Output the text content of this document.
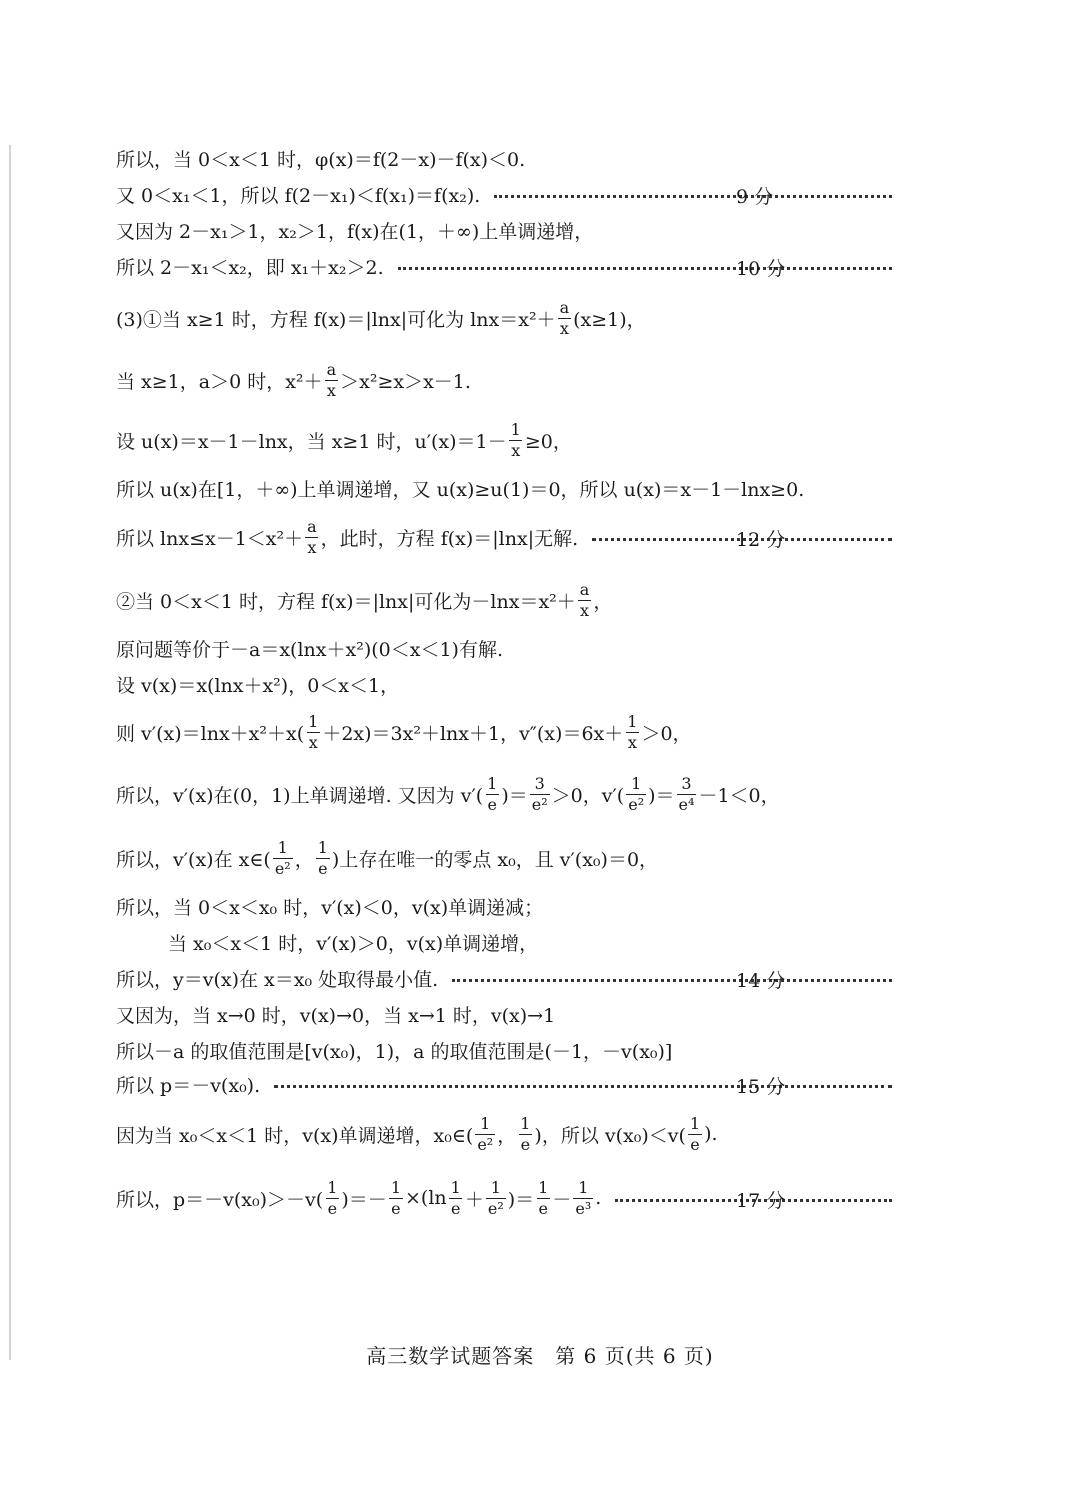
所以，当 0＜x＜1 时，φ(x)＝f(2－x)－f(x)＜0.
又 0＜x₁＜1，所以 f(2－x₁)＜f(x₁)＝f(x₂).	9 分
又因为 2－x₁＞1，x₂＞1，f(x)在(1，＋∞)上单调递增，
所以 2－x₁＜x₂，即 x₁＋x₂＞2.	10 分
(3)①当 x≥1 时，方程 f(x)＝|lnx|可化为 $\ln x=x^2+ \frac{a}{x} (x\ge 1)$，
当 x≥1，a＞0 时，$x^2+ \frac{a}{x} >x^2\ge x>x-1$.
设 u(x)＝x－1－lnx，当 x≥1 时，$u'(x)=1- \frac{1}{x} \ge 0$，
所以 u(x)在[1，＋∞)上单调递增，又 u(x)≥u(1)＝0，所以 u(x)＝x－1－lnx≥0.
所以 $\ln x\le x-1<x^2+ \frac{a}{x}$ ，此时，方程 f(x)＝|lnx|无解.	12 分
②当 0＜x＜1 时，方程 f(x)＝|lnx|可化为$-\ln x=x^2+ \frac{a}{x}$ ，
原问题等价于－a＝x(lnx＋x²)(0＜x＜1)有解.
设 v(x)＝x(lnx＋x²)，0＜x＜1，
则 $v'(x)=\ln x+x^2+x( \frac{1}{x} +2x)=3x^2+\ln x+1$，$v''(x)=6x+ \frac{1}{x} >0$，
所以，v′(x)在(0，1)上单调递增. 又因为 $v'( \frac{1}{e}$ )＝ $\frac{3}{\text{e²}} >0$，$v'( \frac{1}{\text{e²}}$ )＝ $\frac{3}{\text{e⁴}} -1<0$，
所以，v′(x)在 x∈( $\frac{1}{\text{e²}}$ ， $\frac{1}{e}$ )上存在唯一的零点 x₀，且 v′(x₀)＝0，
所以，当 0＜x＜x₀ 时，v′(x)＜0，v(x)单调递减；
当 x₀＜x＜1 时，v′(x)＞0，v(x)单调递增，
所以，y＝v(x)在 x＝x₀ 处取得最小值.	14 分
又因为，当 x→0 时，v(x)→0，当 x→1 时，v(x)→1
所以－a 的取值范围是[v(x₀)，1)，a 的取值范围是(－1，－v(x₀)]
所以 p＝－v(x₀).	15 分
因为当 x₀＜x＜1 时，v(x)单调递增，x₀∈( $\frac{1}{\text{e²}}$ ， $\frac{1}{e}$ )，所以 $v(x_0)<v( \frac{1}{e}$ ).
所以，$p=-v(x_0)>-v( \frac{1}{e}$ )＝－ $\frac{1}{e} \times(\ln \frac{1}{e} + \frac{1}{\text{e²}}$ )＝ $\frac{1}{e} - \frac{1}{\text{e³}}$ .	17 分
高三数学试题答案　第 6 页(共 6 页)
